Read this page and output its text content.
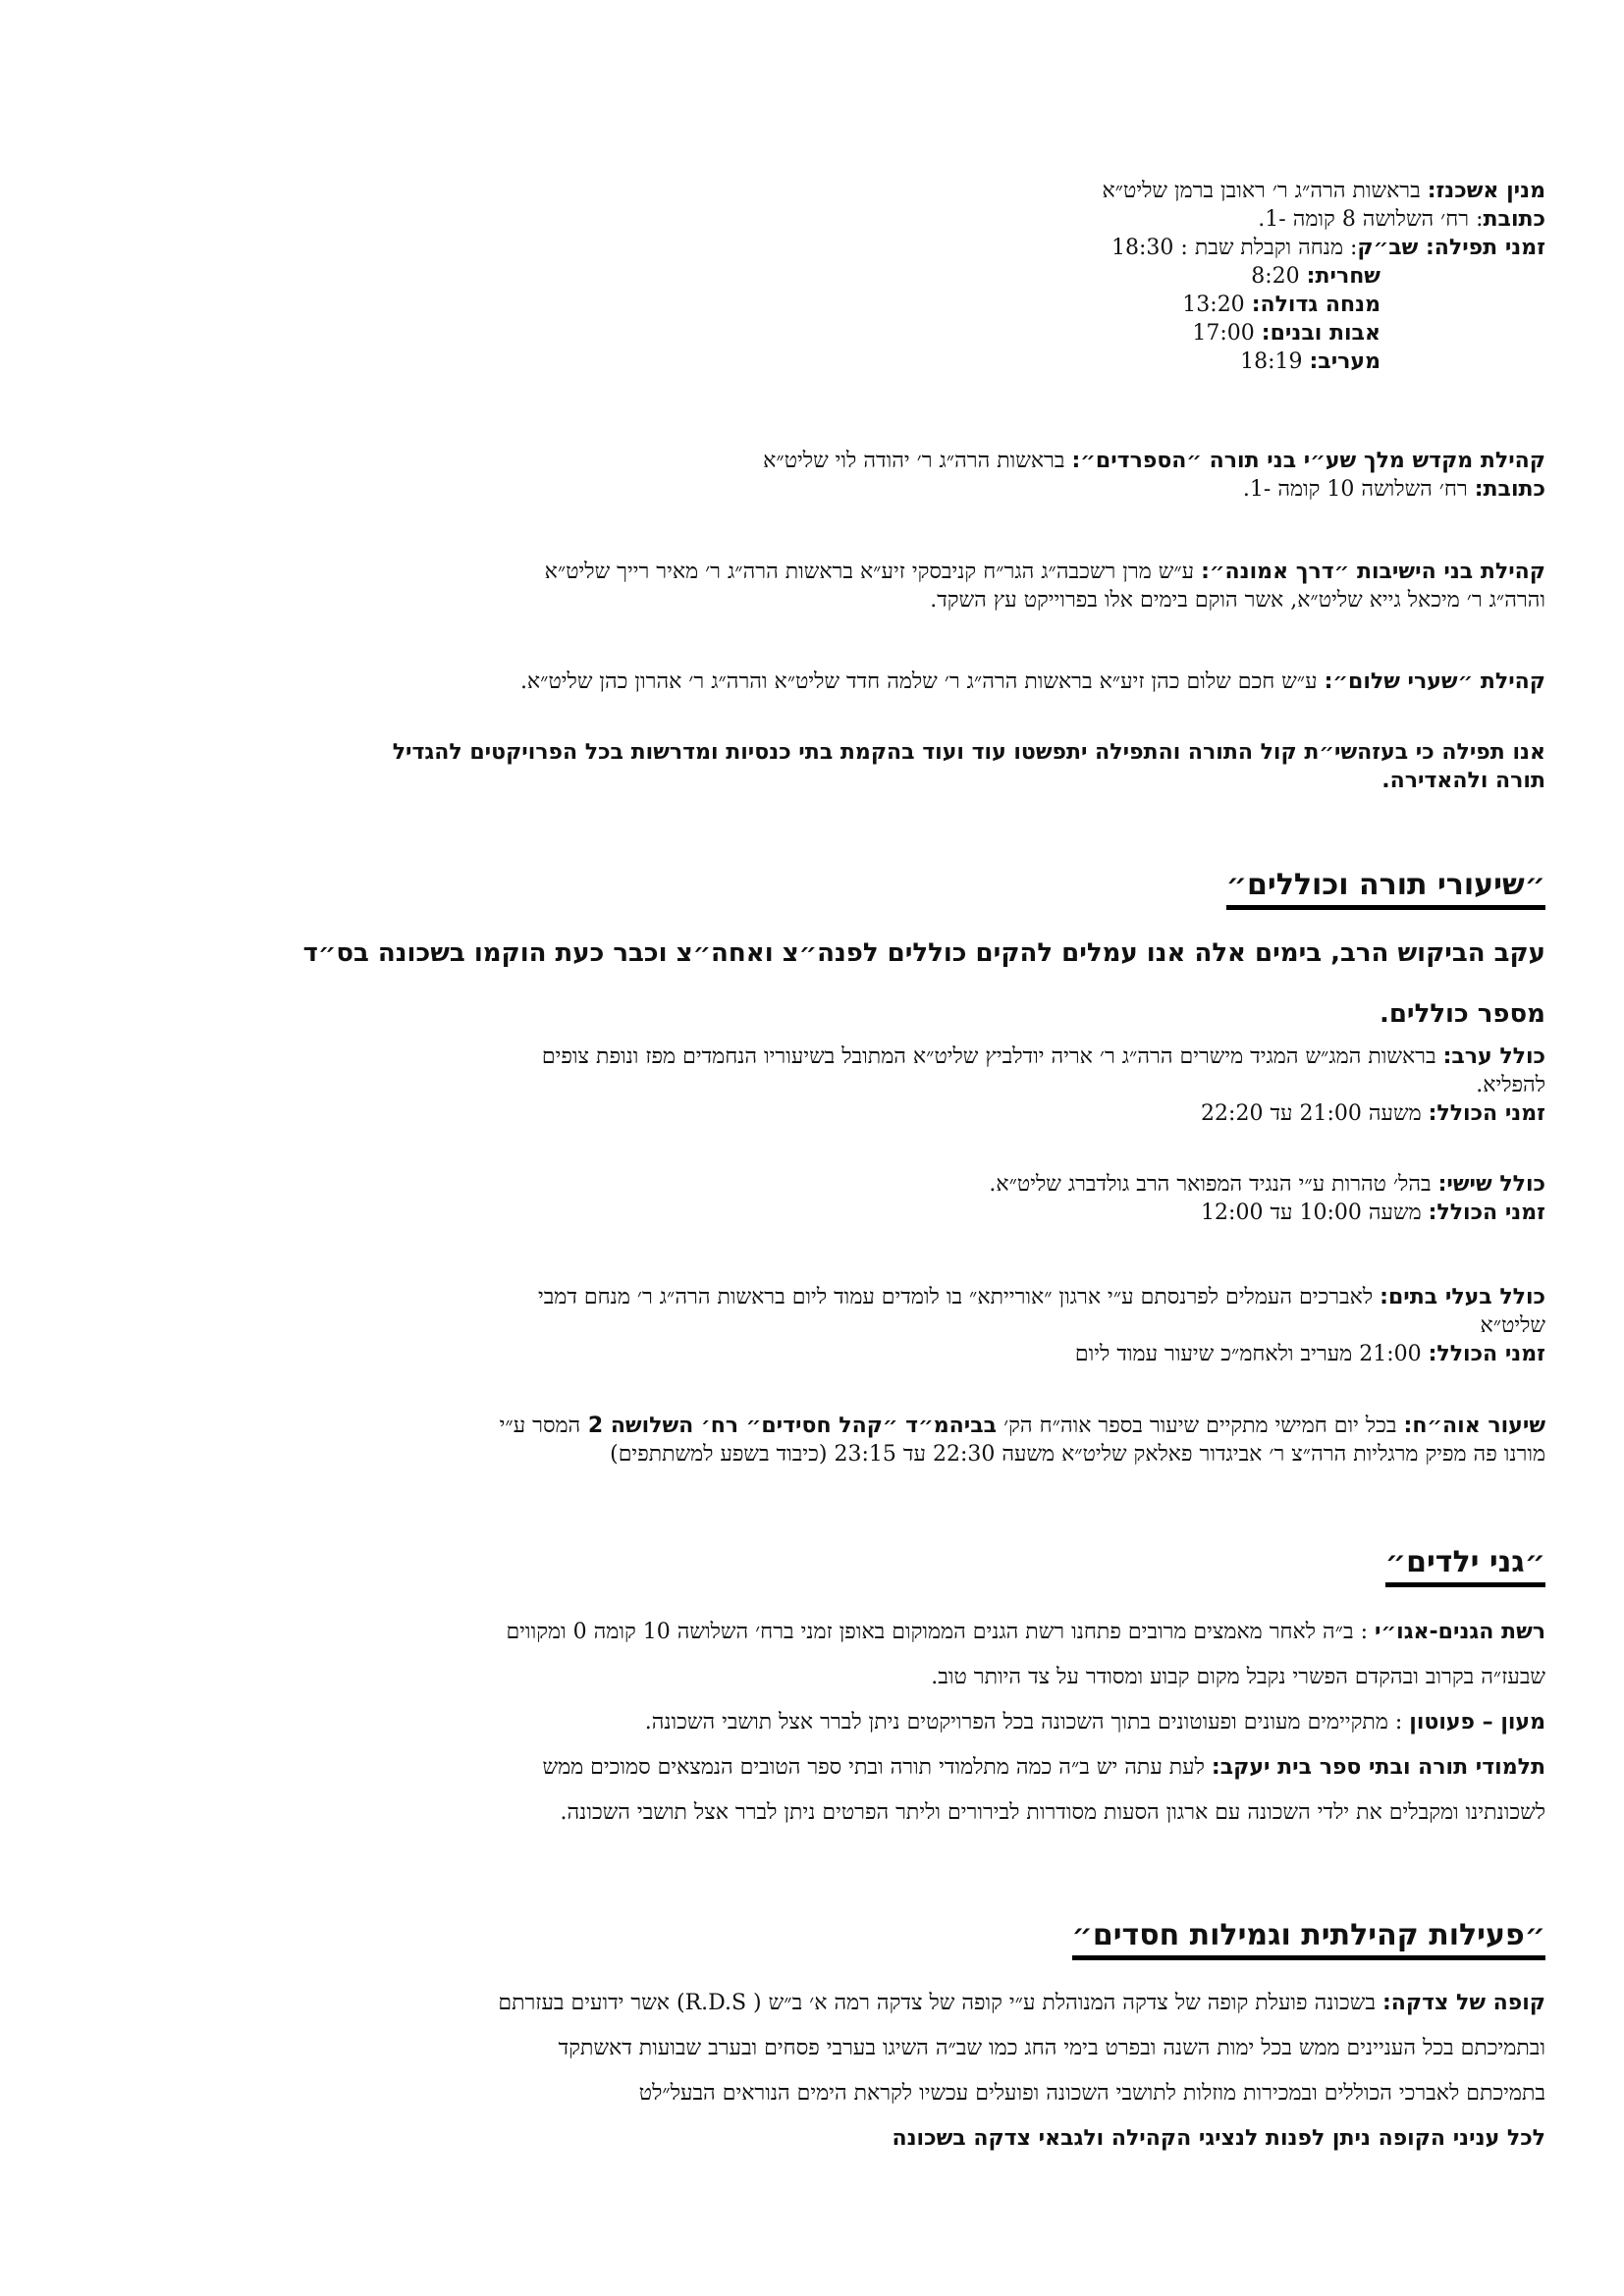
מנין אשכנז: בראשות הרה״ג ר׳ ראובן ברמן שליט״א
כתובת: רח׳ השלושה 8 קומה -1.
זמני תפילה: שב״ק: מנחה וקבלת שבת : 18:30
שחרית: 8:20
מנחה גדולה: 13:20
אבות ובנים: 17:00
מעריב: 18:19
קהילת מקדש מלך שע״י בני תורה ״הספרדים״: בראשות הרה״ג ר׳ יהודה לוי שליט״א
כתובת: רח׳ השלושה 10 קומה -1.
קהילת בני הישיבות ״דרך אמונה״: ע״ש מרן רשכבה״ג הגר״ח קניבסקי זיע״א בראשות הרה״ג ר׳ מאיר רייך שליט״א
והרה״ג ר׳ מיכאל גייא שליט״א, אשר הוקם בימים אלו בפרוייקט עץ השקד.
קהילת ״שערי שלום״: ע״ש חכם שלום כהן זיע״א בראשות הרה״ג ר׳ שלמה חדד שליט״א והרה״ג ר׳ אהרון כהן שליט״א.
אנו תפילה כי בעזהשי״ת קול התורה והתפילה יתפשטו עוד ועוד בהקמת בתי כנסיות ומדרשות בכל הפרויקטים להגדיל
תורה ולהאדירה.
״שיעורי תורה וכוללים״
עקב הביקוש הרב, בימים אלה אנו עמלים להקים כוללים לפנה״צ ואחה״צ וכבר כעת הוקמו בשכונה בס״ד
מספר כוללים.
כולל ערב: בראשות המג״ש המגיד מישרים הרה״ג ר׳ אריה יודלביץ שליט״א המתובל בשיעוריו הנחמדים מפז ונופת צופים
להפליא.
זמני הכולל: משעה 21:00 עד 22:20
כולל שישי: בהל׳ טהרות ע״י הנגיד המפואר הרב גולדברג שליט״א.
זמני הכולל: משעה 10:00 עד 12:00
כולל בעלי בתים: לאברכים העמלים לפרנסתם ע״י ארגון ״אורייתא״ בו לומדים עמוד ליום בראשות הרה״ג ר׳ מנחם דמבי
שליט״א
זמני הכולל: 21:00 מעריב ולאחמ״כ שיעור עמוד ליום
שיעור אוה״ח: בכל יום חמישי מתקיים שיעור בספר אוה״ח הק׳ בביהמ״ד ״קהל חסידים״ רח׳ השלושה 2 המסר ע״י
מורנו פה מפיק מרגליות הרה״צ ר׳ אביגדור פאלאק שליט״א משעה 22:30 עד 23:15 (כיבוד בשפע למשתתפים)
״גני ילדים״
רשת הגנים-אגו״י : ב״ה לאחר מאמצים מרובים פתחנו רשת הגנים הממוקום באופן זמני ברח׳ השלושה 10 קומה 0 ומקווים
שבעז״ה בקרוב ובהקדם הפשרי נקבל מקום קבוע ומסודר על צד היותר טוב.
מעון – פעוטון : מתקיימים מעונים ופעוטונים בתוך השכונה בכל הפרויקטים ניתן לברר אצל תושבי השכונה.
תלמודי תורה ובתי ספר בית יעקב: לעת עתה יש ב״ה כמה מתלמודי תורה ובתי ספר הטובים הנמצאים סמוכים ממש
לשכונתינו ומקבלים את ילדי השכונה עם ארגון הסעות מסודרות לבירורים וליתר הפרטים ניתן לברר אצל תושבי השכונה.
״פעילות קהילתית וגמילות חסדים״
קופה של צדקה: בשכונה פועלת קופה של צדקה המנוהלת ע״י קופה של צדקה רמה א׳ ב״ש ( R.D.S) אשר ידועים בעזרתם
ובתמיכתם בכל העניינים ממש בכל ימות השנה ובפרט בימי החג כמו שב״ה השיגו בערבי פסחים ובערב שבועות דאשתקד
בתמיכתם לאברכי הכוללים ובמכירות מוזלות לתושבי השכונה ופועלים עכשיו לקראת הימים הנוראים הבעל״לט
לכל עניני הקופה ניתן לפנות לנציגי הקהילה ולגבאי צדקה בשכונה
